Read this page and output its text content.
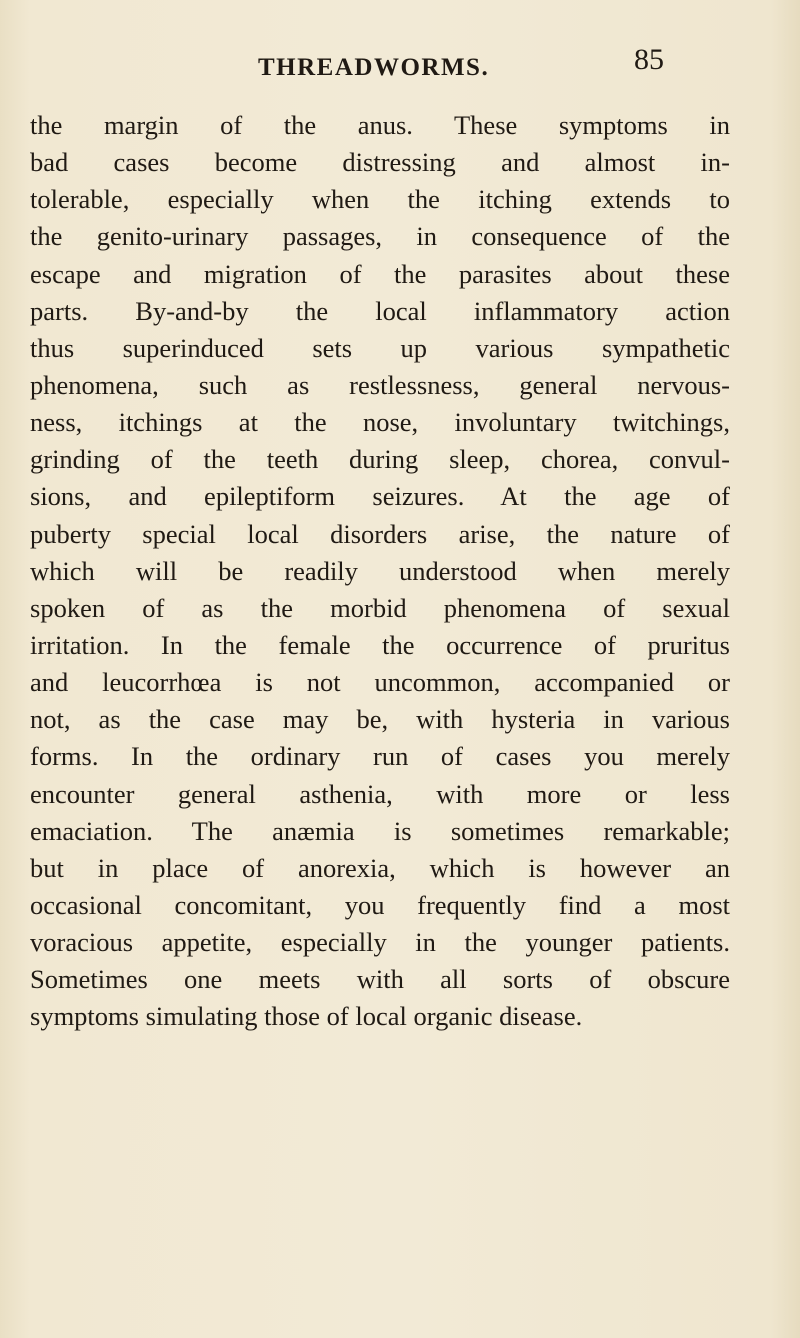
THREADWORMS.	85
the margin of the anus. These symptoms in
bad cases become distressing and almost in-
tolerable, especially when the itching extends to
the genito-urinary passages, in consequence of the
escape and migration of the parasites about these
parts. By-and-by the local inflammatory action
thus superinduced sets up various sympathetic
phenomena, such as restlessness, general nervous-
ness, itchings at the nose, involuntary twitchings,
grinding of the teeth during sleep, chorea, convul-
sions, and epileptiform seizures. At the age of
puberty special local disorders arise, the nature of
which will be readily understood when merely
spoken of as the morbid phenomena of sexual
irritation. In the female the occurrence of pruritus
and leucorrhœa is not uncommon, accompanied or
not, as the case may be, with hysteria in various
forms. In the ordinary run of cases you merely
encounter general asthenia, with more or less
emaciation. The anæmia is sometimes remarkable;
but in place of anorexia, which is however an
occasional concomitant, you frequently find a most
voracious appetite, especially in the younger patients.
Sometimes one meets with all sorts of obscure
symptoms simulating those of local organic disease.
